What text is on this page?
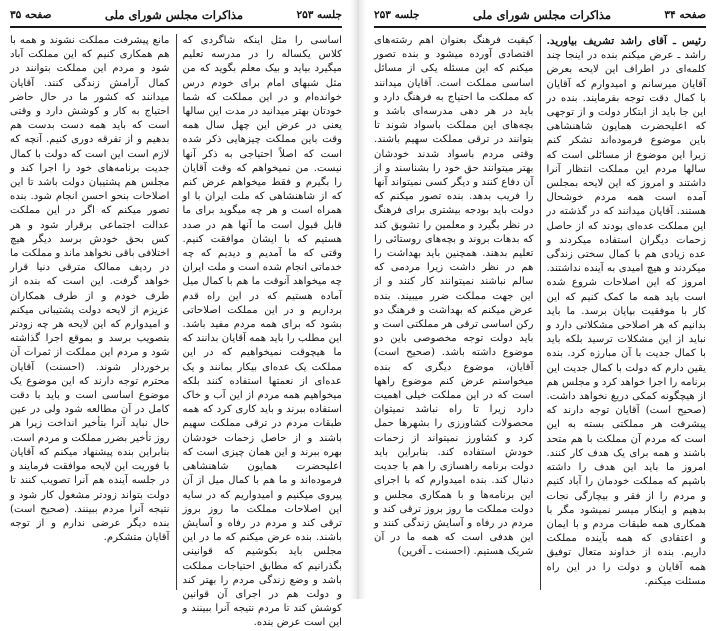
جلسه ۲۵۳
مذاکرات مجلس شورای ملی
صفحه ۳۵
اساسی را مثل اینکه شاگردی که کلاس یکساله را در مدرسه تعلیم میگیرد بیاید و بیک معلم بگوید که من مثل شبهای امام برای خودم درس خوانده‌ام و در این مملکت که شما خودتان بهتر میدانید در مدت این سالها یعنی در عرض این چهل سال همه وقت باین مملکت چیزهایی ذکر شده است که اصلاً احتیاجی به ذکر آنها نیست. من نمیخواهم که وقت آقایان را بگیرم و فقط میخواهم عرض کنم که از شاهنشاهی که ملت ایران با او همراه است و هر چه میگوید برای ما قابل قبول است ما آنها هم در صدد هستیم که با ایشان موافقت کنیم. وقتی که ما آمدیم و دیدیم که چه خدماتی انجام شده است و ملت ایران چه میخواهد آنوقت ما هم با کمال میل آماده هستیم که در این راه قدم برداریم و در این مملکت اصلاحاتی بشود که برای همه مردم مفید باشد. این مطلب را باید همه آقایان بدانند که ما هیچوقت نمیخواهیم که در این مملکت یک عده‌ای بیکار بمانند و یک عده‌ای از نعمتها استفاده کنند بلکه میخواهیم همه مردم از این آب و خاک استفاده ببرند و باید کاری کرد که همه طبقات مردم در ترقی مملکت سهیم باشند و از حاصل زحمات خودشان بهره ببرند و این همان چیزی است که اعلیحضرت همایون شاهنشاهی فرموده‌اند و ما هم با کمال میل از آن پیروی میکنیم و امیدواریم که در سایه این اصلاحات مملکت ما روز بروز ترقی کند و مردم در رفاه و آسایش باشند. بنده عرض میکنم که ما در این مجلس باید بکوشیم که قوانینی بگذرانیم که مطابق احتیاجات مملکت باشد و وضع زندگی مردم را بهتر کند و دولت هم در اجرای آن قوانین کوشش کند تا مردم نتیجه آنرا ببینند و این است عرض بنده.
مانع پیشرفت مملکت نشوند و همه با هم همکاری کنیم که این مملکت آباد شود و مردم این مملکت بتوانند در کمال آرامش زندگی کنند. آقایان میدانند که کشور ما در حال حاضر احتیاج به کار و کوشش دارد و وقتی است که باید همه دست بدست هم بدهیم و از تفرقه دوری کنیم. آنچه که لازم است این است که دولت با کمال جدیت برنامه‌های خود را اجرا کند و مجلس هم پشتیبان دولت باشد تا این اصلاحات بنحو احسن انجام شود. بنده تصور میکنم که اگر در این مملکت عدالت اجتماعی برقرار شود و هر کس بحق خودش برسد دیگر هیچ اختلافی باقی نخواهد ماند و مملکت ما در ردیف ممالک مترقی دنیا قرار خواهد گرفت. این است که بنده از طرف خودم و از طرف همکاران عزیزم از لایحه دولت پشتیبانی میکنم و امیدوارم که این لایحه هر چه زودتر بتصویب برسد و بموقع اجرا گذاشته شود و مردم این مملکت از ثمرات آن برخوردار شوند. (احسنت) آقایان محترم توجه دارند که این موضوع یک موضوع اساسی است و باید با دقت کامل در آن مطالعه شود ولی در عین حال نباید آنرا بتأخیر انداخت زیرا هر روز تأخیر بضرر مملکت و مردم است. بنابراین بنده پیشنهاد میکنم که آقایان با فوریت این لایحه موافقت فرمایند و در جلسه آینده هم آنرا تصویب کنند تا دولت بتواند زودتر مشغول کار شود و نتیجه آنرا مردم ببینند. (صحیح است) بنده دیگر عرضی ندارم و از توجه آقایان متشکرم.
صفحه ۳۴
مذاکرات مجلس شورای ملی
جلسه ۲۵۳
رئیس ـ آقای راشد تشریف بیاورید. راشد ـ عرض میکنم بنده در اینجا چند کلمه‌ای در اطراف این لایحه بعرض آقایان میرسانم و امیدوارم که آقایان با کمال دقت توجه بفرمایند. بنده در این جا باید از ابتکار دولت و از توجهی که اعلیحضرت همایون شاهنشاهی باین موضوع فرموده‌اند تشکر کنم زیرا این موضوع از مسائلی است که سالها مردم این مملکت انتظار آنرا داشتند و امروز که این لایحه بمجلس آمده است همه مردم خوشحال هستند. آقایان میدانند که در گذشته در این مملکت عده‌ای بودند که از حاصل زحمات دیگران استفاده میکردند و عده زیادی هم با کمال سختی زندگی میکردند و هیچ امیدی به آینده نداشتند. امروز که این اصلاحات شروع شده است باید همه ما کمک کنیم که این کار با موفقیت بپایان برسد. ما باید بدانیم که هر اصلاحی مشکلاتی دارد و نباید از این مشکلات ترسید بلکه باید با کمال جدیت با آن مبارزه کرد. بنده یقین دارم که دولت با کمال جدیت این برنامه را اجرا خواهد کرد و مجلس هم از هیچگونه کمکی دریغ نخواهد داشت. (صحیح است) آقایان توجه دارند که پیشرفت هر مملکتی بسته به این است که مردم آن مملکت با هم متحد باشند و همه برای یک هدف کار کنند. امروز ما باید این هدف را داشته باشیم که مملکت خودمان را آباد کنیم و مردم را از فقر و بیچارگی نجات بدهیم و اینکار میسر نمیشود مگر با همکاری همه طبقات مردم و با ایمان و اعتقادی که همه بآینده مملکت داریم. بنده از خداوند متعال توفیق همه آقایان و دولت را در این راه مسئلت میکنم.
کیفیت فرهنگ بعنوان اهم رشته‌های اقتصادی آورده میشود و بنده تصور میکنم که این مسئله یکی از مسائل اساسی مملکت است. آقایان میدانند که مملکت ما احتیاج به فرهنگ دارد و باید در هر دهی مدرسه‌ای باشد و بچه‌های این مملکت باسواد شوند تا بتوانند در ترقی مملکت سهیم باشند. وقتی مردم باسواد شدند خودشان بهتر میتوانند حق خود را بشناسند و از آن دفاع کنند و دیگر کسی نمیتواند آنها را فریب بدهد. بنده تصور میکنم که دولت باید بودجه بیشتری برای فرهنگ در نظر بگیرد و معلمین را تشویق کند که بدهات بروند و بچه‌های روستائی را تعلیم بدهند. همچنین باید بهداشت را هم در نظر داشت زیرا مردمی که سالم نباشند نمیتوانند کار کنند و از این جهت مملکت ضرر میبیند. بنده عرض میکنم که بهداشت و فرهنگ دو رکن اساسی ترقی هر مملکتی است و باید دولت توجه مخصوصی باین دو موضوع داشته باشد. (صحیح است) آقایان، موضوع دیگری که بنده میخواستم عرض کنم موضوع راهها است که در این مملکت خیلی اهمیت دارد زیرا تا راه نباشد نمیتوان محصولات کشاورزی را بشهرها حمل کرد و کشاورز نمیتواند از زحمات خودش استفاده کند. بنابراین باید دولت برنامه راهسازی را هم با جدیت دنبال کند. بنده امیدوارم که با اجرای این برنامه‌ها و با همکاری مجلس و دولت مملکت ما روز بروز ترقی کند و مردم در رفاه و آسایش زندگی کنند و این هدفی است که همه ما در آن شریک هستیم. (احسنت ـ آفرین)
